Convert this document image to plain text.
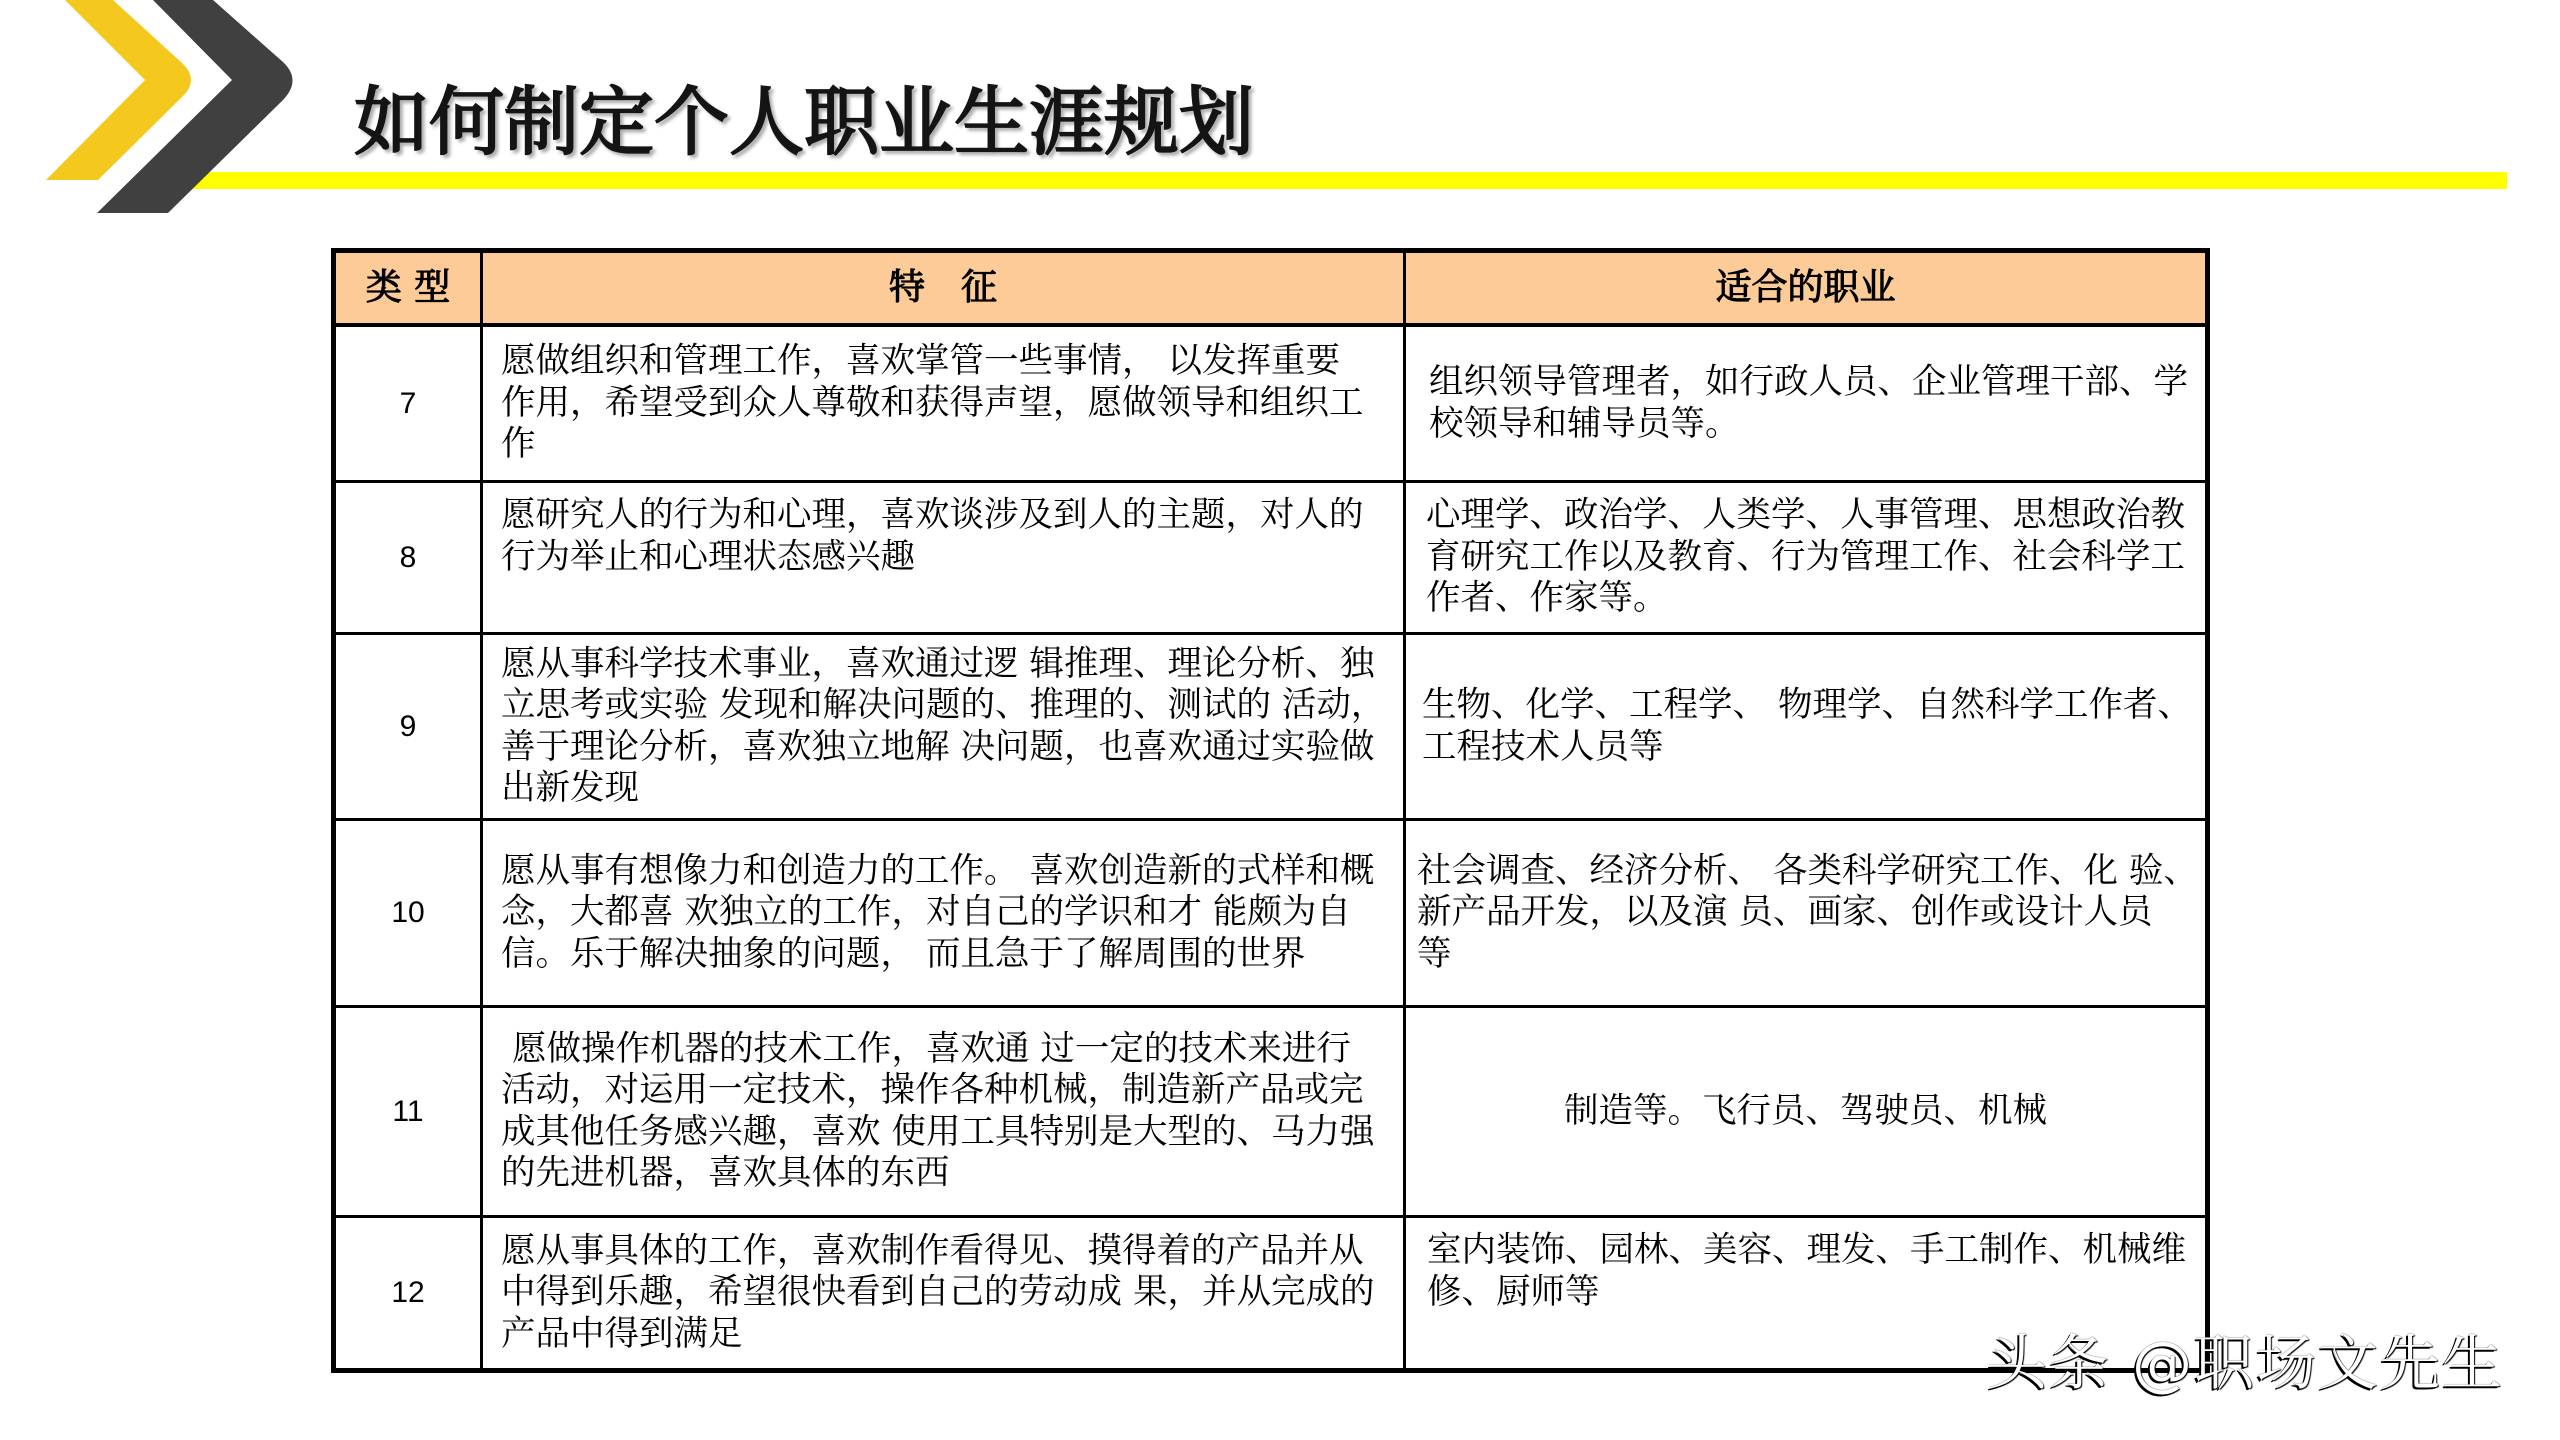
如何制定个人职业生涯规划
类 型	特　征	适合的职业
7
愿做组织和管理工作，喜欢掌管一些事情， 以发挥重要
作用，希望受到众人尊敬和获得声望，愿做领导和组织工
作
组织领导管理者，如行政人员、企业管理干部、学
校领导和辅导员等。
8
愿研究人的行为和心理，喜欢谈涉及到人的主题，对人的
行为举止和心理状态感兴趣
心理学、政治学、人类学、人事管理、思想政治教
育研究工作以及教育、行为管理工作、社会科学工
作者、作家等。
9
愿从事科学技术事业，喜欢通过逻 辑推理、理论分析、独
立思考或实验 发现和解决问题的、推理的、测试的 活动，
善于理论分析，喜欢独立地解 决问题，也喜欢通过实验做
出新发现
生物、化学、工程学、 物理学、自然科学工作者、
工程技术人员等
10
愿从事有想像力和创造力的工作。 喜欢创造新的式样和概
念，大都喜 欢独立的工作，对自己的学识和才 能颇为自
信。乐于解决抽象的问题， 而且急于了解周围的世界
社会调查、经济分析、 各类科学研究工作、化 验、
新产品开发，以及演 员、画家、创作或设计人员
等
11
愿做操作机器的技术工作，喜欢通 过一定的技术来进行
活动，对运用一定技术，操作各种机械，制造新产品或完
成其他任务感兴趣，喜欢 使用工具特别是大型的、马力强
的先进机器，喜欢具体的东西
制造等。飞行员、驾驶员、机械
12
愿从事具体的工作，喜欢制作看得见、摸得着的产品并从
中得到乐趣，希望很快看到自己的劳动成 果，并从完成的
产品中得到满足
室内装饰、园林、美容、理发、手工制作、机械维
修、厨师等
头条 @职场文先生
